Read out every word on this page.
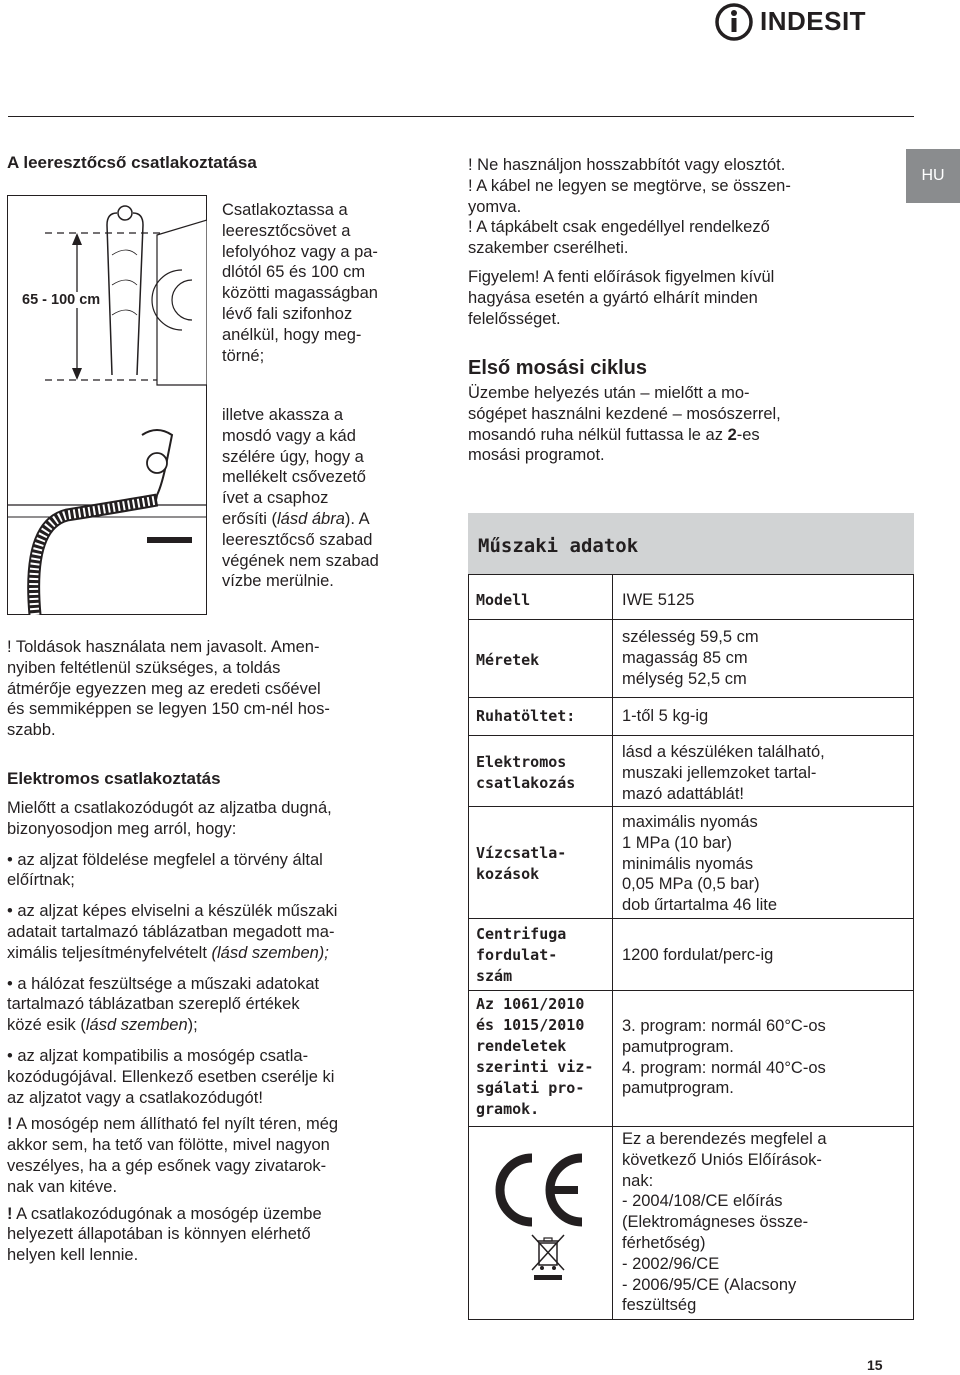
INDESIT
HU
A leeresztőcső csatlakoztatása
65 - 100 cm

Csatlakoztassa a

leeresztőcsövet a

lefolyóhoz vagy a pa-

dlótól 65 és 100 cm

közötti magasságban

lévő fali szifonhoz

anélkül, hogy meg-

törné;

illetve akassza a

mosdó vagy a kád

szélére úgy, hogy a

mellékelt csővezető

ívet a csaphoz

erősíti (lásd ábra). A

leeresztőcső szabad

végének nem szabad

vízbe merülnie.

! Toldások használata nem javasolt. Amen-

nyiben feltétlenül szükséges, a toldás

átmérője egyezzen meg az eredeti csőével

és semmiképpen se legyen 150 cm-nél hos-

szabb.

Elektromos csatlakoztatás

Mielőtt a csatlakozódugót az aljzatba dugná,

bizonyosodjon meg arról, hogy:

• az aljzat földelése megfelel a törvény által

előírtnak;

• az aljzat képes elviselni a készülék műszaki

adatait tartalmazó táblázatban megadott ma-

ximális teljesítményfelvételt (lásd szemben);

• a hálózat feszültsége a műszaki adatokat

tartalmazó táblázatban szereplő értékek

közé esik (lásd szemben);

• az aljzat kompatibilis a mosógép csatla-

kozódugójával. Ellenkező esetben cserélje ki

az aljzatot vagy a csatlakozódugót!

! A mosógép nem állítható fel nyílt téren, még

akkor sem, ha tető van fölötte, mivel nagyon

veszélyes, ha a gép esőnek vagy zivatarok-

nak van kitéve.

! A csatlakozódugónak a mosógép üzembe

helyezett állapotában is könnyen elérhető

helyen kell lennie.

! Ne használjon hosszabbítót vagy elosztót.

! A kábel ne legyen se megtörve, se összen-

yomva.

! A tápkábelt csak engedéllyel rendelkező

szakember cserélheti.

Figyelem! A fenti előírások figyelmen kívül

hagyása esetén a gyártó elhárít minden

felelősséget.

Első mosási ciklus

Üzembe helyezés után – mielőtt a mo-

sógépet használni kezdené – mosószerrel,

mosandó ruha nélkül futtassa le az 2-es

mosási programot.

Műszaki adatok
Modell	IWE 5125
Méretek

szélesség 59,5 cm

magasság 85 cm

mélység 52,5 cm

Ruhatöltet:	1-től 5 kg-ig

Elektromos

csatlakozás

lásd a készüléken található,

muszaki jellemzoket tartal-

mazó adattáblát!

Vízcsatla-

kozások

maximális nyomás

1 MPa (10 bar)

minimális nyomás

0,05 MPa (0,5 bar)

dob űrtartalma 46 lite

Centrifuga

fordulat-

szám

1200 fordulat/perc-ig

Az 1061/2010

és 1015/2010

rendeletek

szerinti viz-

sgálati pro-

gramok.

3. program: normál 60°C-os

pamutprogram.

4. program: normál 40°C-os

pamutprogram.

Ez a berendezés megfelel a

következő Uniós Előírások-

nak:

- 2004/108/CE előírás

(Elektromágneses össze-

férhetőség)

- 2002/96/CE

- 2006/95/CE (Alacsony

feszültség

15
